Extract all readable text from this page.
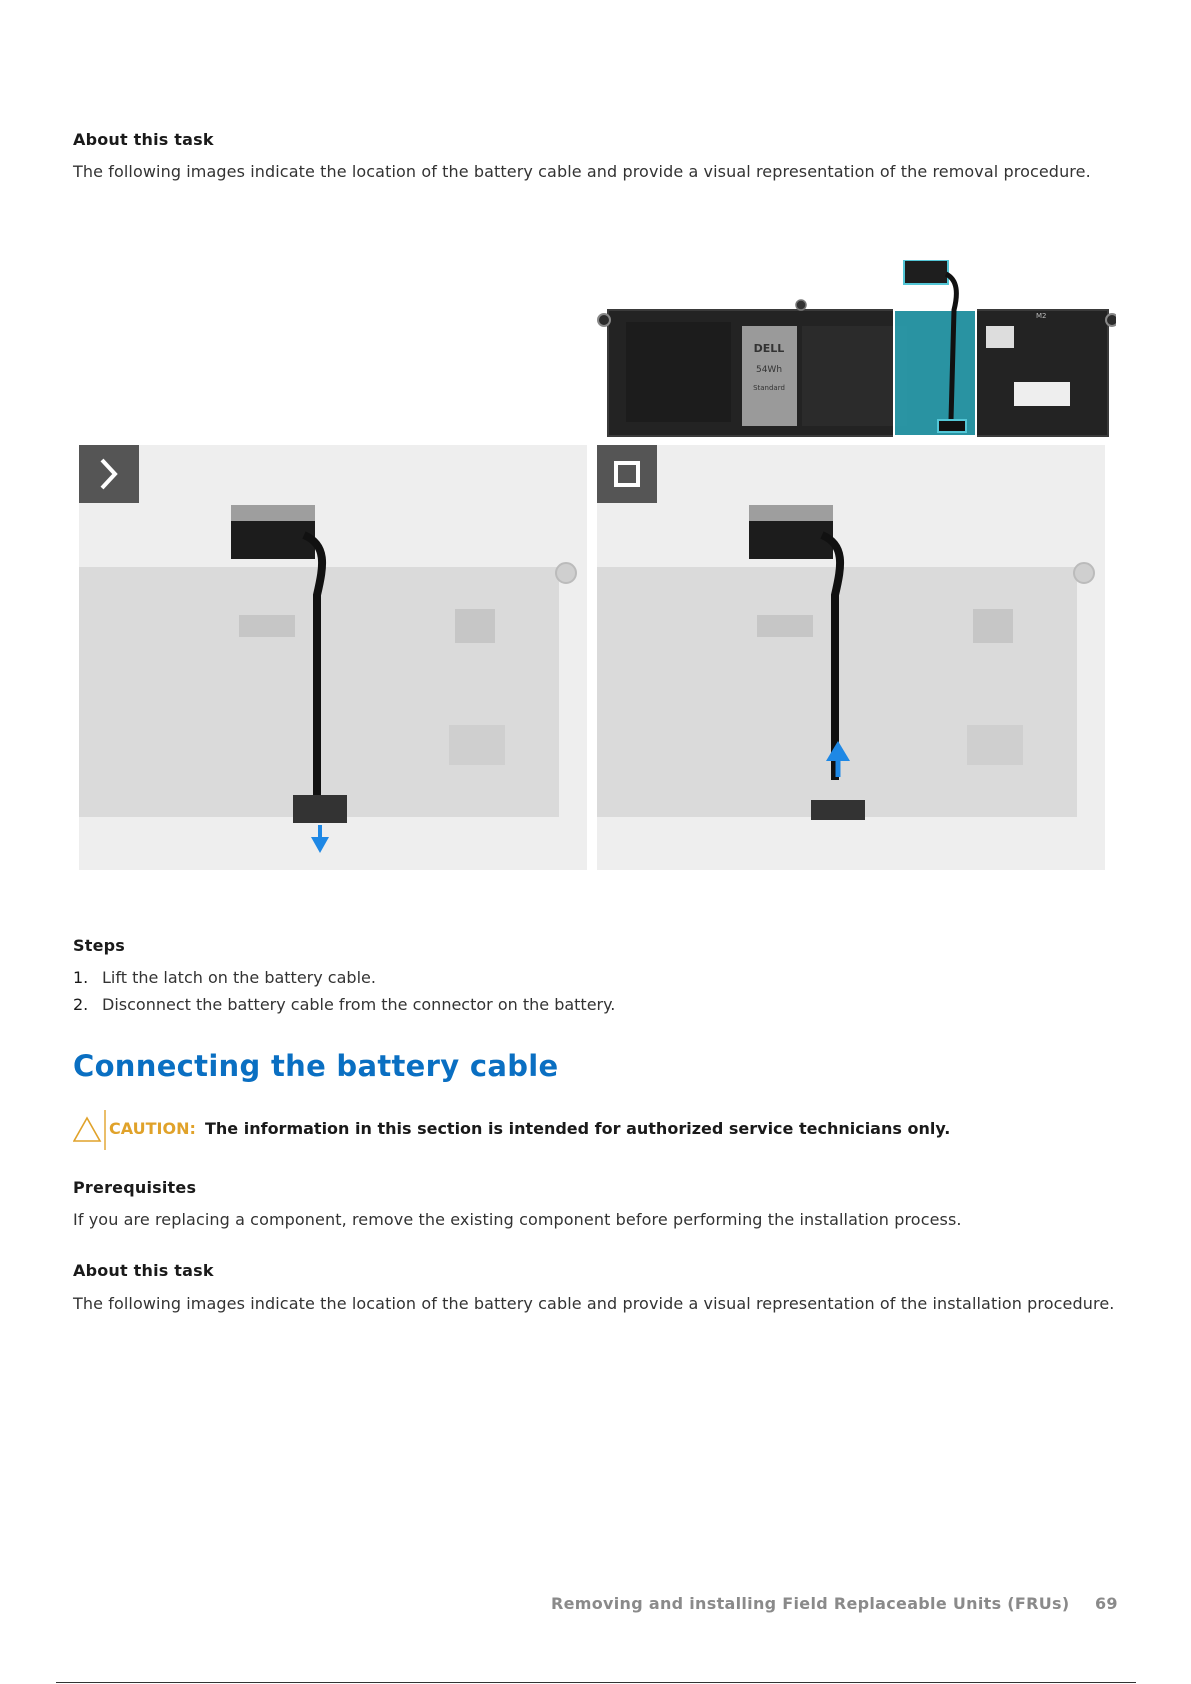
About this task
The following images indicate the location of the battery cable and provide a visual representation of the removal procedure.
DELL
54Wh
Standard
M2
Steps
1. Lift the latch on the battery cable.
2. Disconnect the battery cable from the connector on the battery.
Connecting the battery cable
CAUTION: The information in this section is intended for authorized service technicians only.
Prerequisites
If you are replacing a component, remove the existing component before performing the installation process.
About this task
The following images indicate the location of the battery cable and provide a visual representation of the installation procedure.
Removing and installing Field Replaceable Units (FRUs) 69
